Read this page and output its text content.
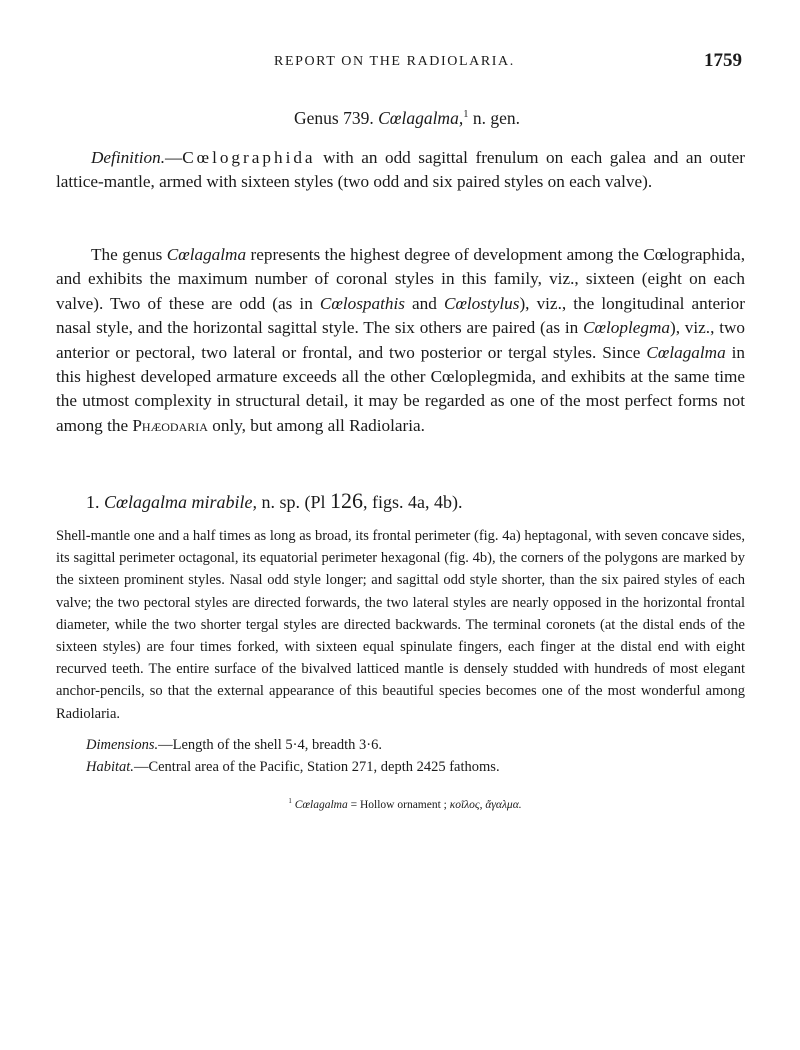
REPORT ON THE RADIOLARIA.	1759
Genus 739. Cœlagalma,$^1$ n. gen.

Definition.—Cœlographida with an odd sagittal frenulum on each galea and an outer lattice-mantle, armed with sixteen styles (two odd and six paired styles on each valve).

The genus Cœlagalma represents the highest degree of development among the Cœlographida, and exhibits the maximum number of coronal styles in this family, viz., sixteen (eight on each valve). Two of these are odd (as in Cœlospathis and Cœlostylus), viz., the longitudinal anterior nasal style, and the horizontal sagittal style. The six others are paired (as in Cœloplegma), viz., two anterior or pectoral, two lateral or frontal, and two posterior or tergal styles. Since Cœlagalma in this highest developed armature exceeds all the other Cœloplegmida, and exhibits at the same time the utmost complexity in structural detail, it may be regarded as one of the most perfect forms not among the Phæodaria only, but among all Radiolaria.

1. Cœlagalma mirabile, n. sp. (Pl 126, figs. 4a, 4b).

Shell-mantle one and a half times as long as broad, its frontal perimeter (fig. 4a) heptagonal, with seven concave sides, its sagittal perimeter octagonal, its equatorial perimeter hexagonal (fig. 4b), the corners of the polygons are marked by the sixteen prominent styles. Nasal odd style longer; and sagittal odd style shorter, than the six paired styles of each valve; the two pectoral styles are directed forwards, the two lateral styles are nearly opposed in the horizontal frontal diameter, while the two shorter tergal styles are directed backwards. The terminal coronets (at the distal ends of the sixteen styles) are four times forked, with sixteen equal spinulate fingers, each finger at the distal end with eight recurved teeth. The entire surface of the bivalved latticed mantle is densely studded with hundreds of most elegant anchor-pencils, so that the external appearance of this beautiful species becomes one of the most wonderful among Radiolaria.

Dimensions.—Length of the shell 5·4, breadth 3·6.
Habitat.—Central area of the Pacific, Station 271, depth 2425 fathoms.
$^1$ Cœlagalma = Hollow ornament ; κοῖλος, ἄγαλμα.
